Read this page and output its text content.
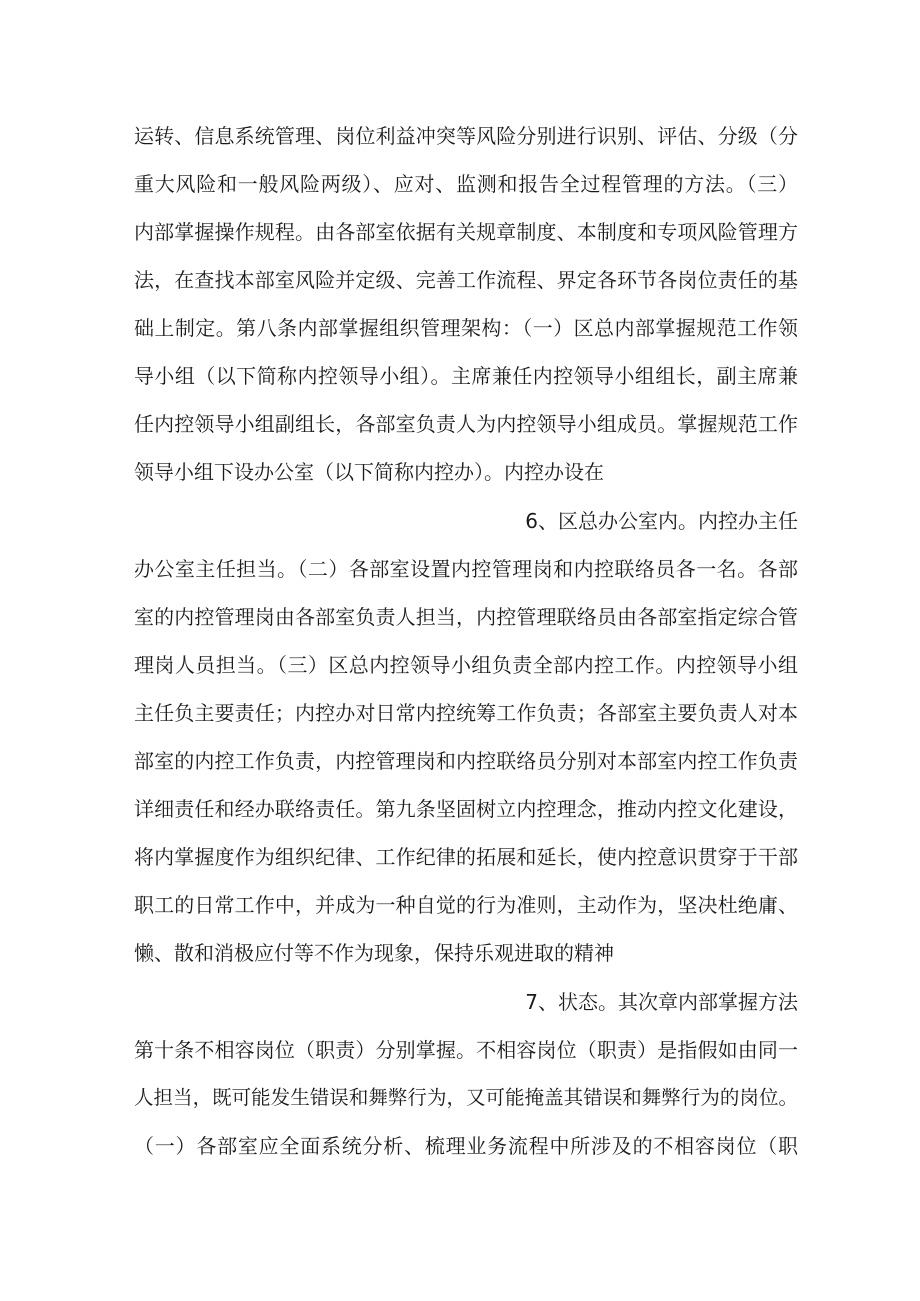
运转、信息系统管理、岗位利益冲突等风险分别进行识别、评估、分级（分
重大风险和一般风险两级）、应对、监测和报告全过程管理的方法。（三）
内部掌握操作规程。由各部室依据有关规章制度、本制度和专项风险管理方
法，在查找本部室风险并定级、完善工作流程、界定各环节各岗位责任的基
础上制定。第八条内部掌握组织管理架构：（一）区总内部掌握规范工作领
导小组（以下简称内控领导小组）。主席兼任内控领导小组组长，副主席兼
任内控领导小组副组长，各部室负责人为内控领导小组成员。掌握规范工作
领导小组下设办公室（以下简称内控办）。内控办设在
6、区总办公室内。内控办主任
办公室主任担当。（二）各部室设置内控管理岗和内控联络员各一名。各部
室的内控管理岗由各部室负责人担当，内控管理联络员由各部室指定综合管
理岗人员担当。（三）区总内控领导小组负责全部内控工作。内控领导小组
主任负主要责任；内控办对日常内控统筹工作负责；各部室主要负责人对本
部室的内控工作负责，内控管理岗和内控联络员分别对本部室内控工作负责
详细责任和经办联络责任。第九条坚固树立内控理念，推动内控文化建设，
将内掌握度作为组织纪律、工作纪律的拓展和延长，使内控意识贯穿于干部
职工的日常工作中，并成为一种自觉的行为准则，主动作为，坚决杜绝庸、
懒、散和消极应付等不作为现象，保持乐观进取的精神
7、状态。其次章内部掌握方法
第十条不相容岗位（职责）分别掌握。不相容岗位（职责）是指假如由同一
人担当，既可能发生错误和舞弊行为，又可能掩盖其错误和舞弊行为的岗位。
（一）各部室应全面系统分析、梳理业务流程中所涉及的不相容岗位（职
